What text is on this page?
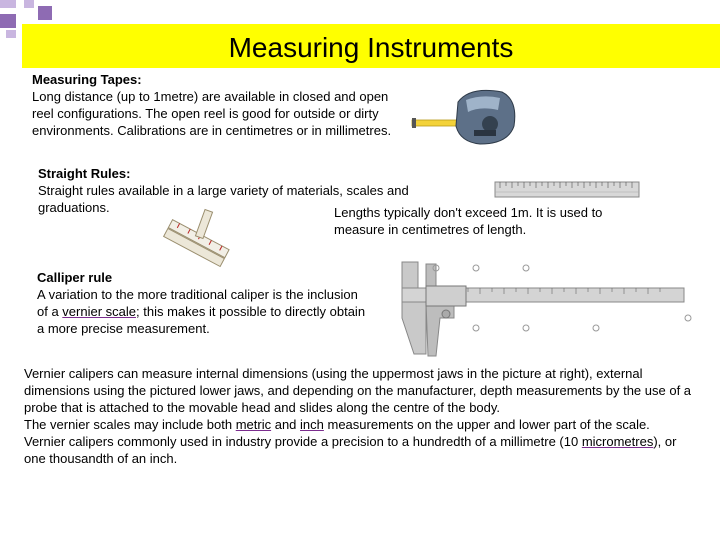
Measuring Instruments
Measuring Tapes:
Long distance (up to 1metre) are available in closed and open reel configurations. The open reel is good for outside or dirty environments. Calibrations are in centimetres or in millimetres.
Straight Rules:
Straight rules available in a large variety of materials, scales and
graduations.	Lengths typically don't exceed 1m. It is used to
measure in centimetres of length.
Calliper rule
A variation to the more traditional caliper is the inclusion
of a vernier scale; this makes it possible to directly obtain
a more precise measurement.
Vernier calipers can measure internal dimensions (using the uppermost jaws in the picture at right), external dimensions using the pictured lower jaws, and depending on the manufacturer, depth measurements by the use of a probe that is attached to the movable head and slides along the centre of the body.
The vernier scales may include both metric and inch measurements on the upper and lower part of the scale.
Vernier calipers commonly used in industry provide a precision to a hundredth of a millimetre (10 micrometres), or one thousandth of an inch.
